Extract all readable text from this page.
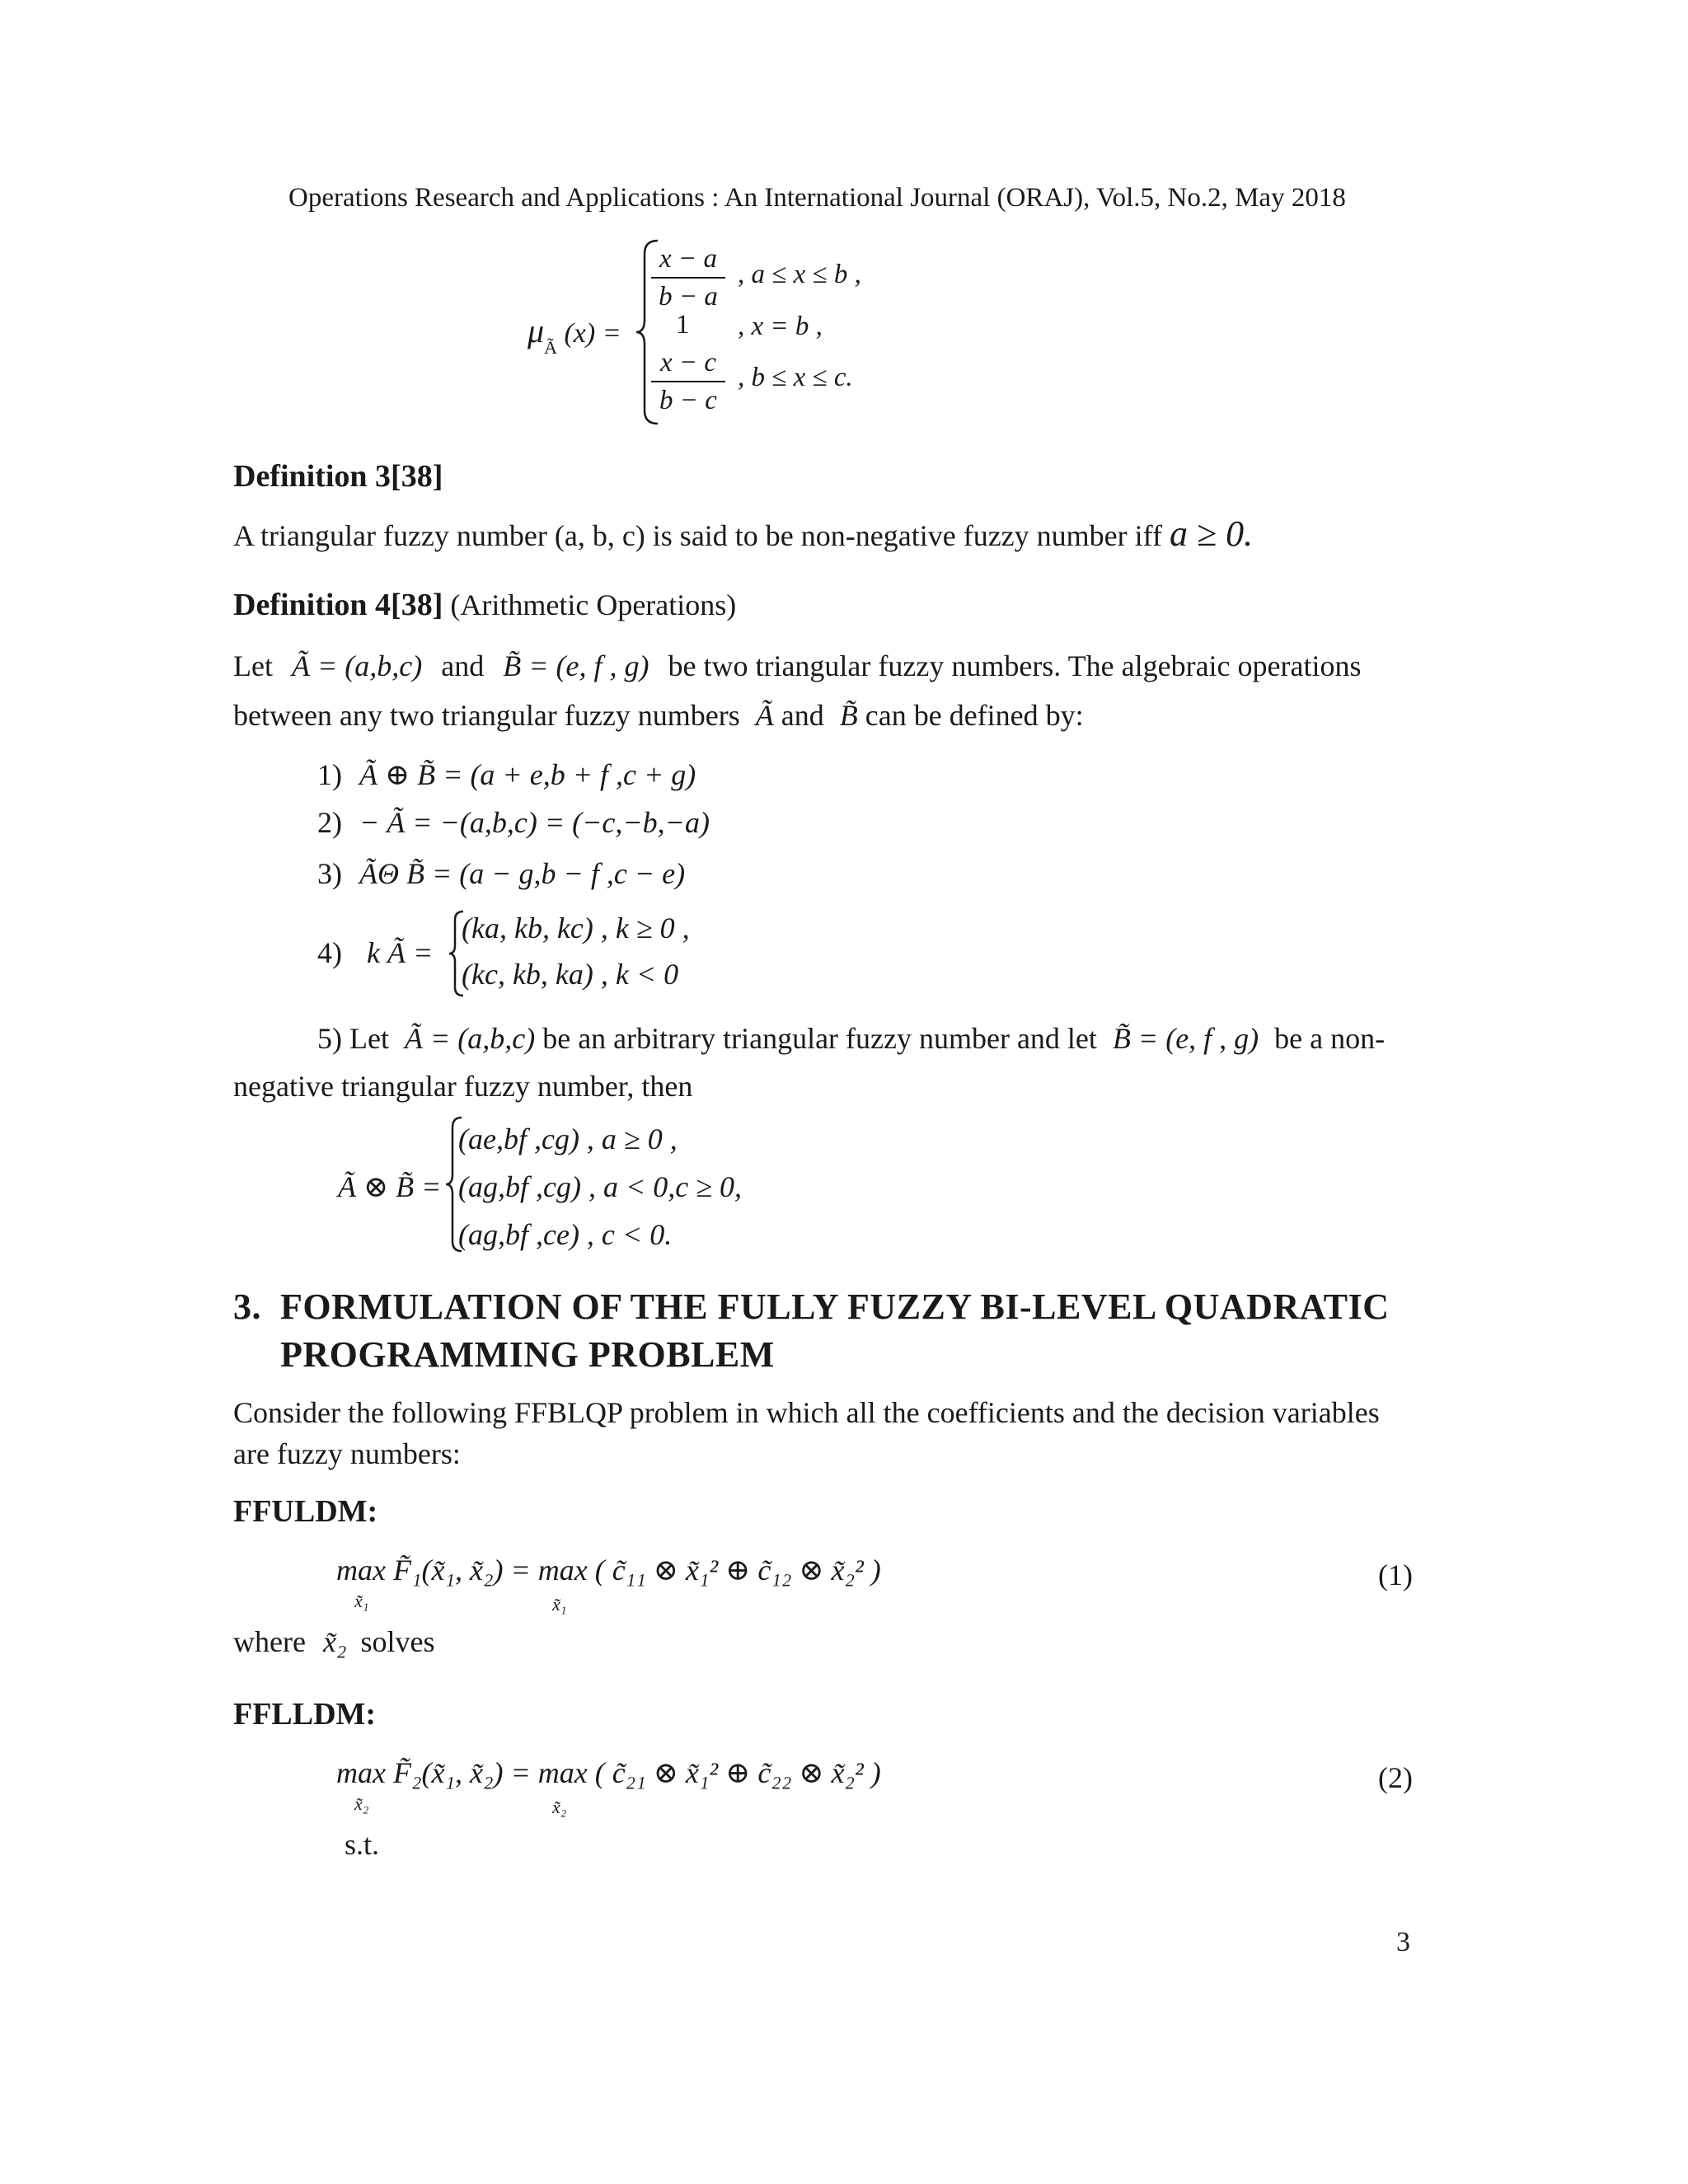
Operations Research and Applications : An International Journal (ORAJ), Vol.5, No.2, May 2018
$\mu_Ã$ (x) =
$\frac{x - a}{b - a}$ , a ≤ x ≤ b ,
1 , x = b ,
$\frac{x - c}{b - c}$ , b ≤ x ≤ c.
Definition 3[38]
A triangular fuzzy number (a, b, c) is said to be non-negative fuzzy number iff a ≥ 0.
Definition 4[38] (Arithmetic Operations)
Let Ã = (a,b,c) and B̃ = (e, f , g) be two triangular fuzzy numbers. The algebraic operations
between any two triangular fuzzy numbers Ã and B̃ can be defined by:
1) Ã ⊕ B̃ = (a + e,b + f ,c + g)
2) − Ã = −(a,b,c) = (−c,−b,−a)
3) ÃΘ B̃ = (a − g,b − f ,c − e)
4) k Ã =
(ka, kb, kc) , k ≥ 0 ,
(kc, kb, ka) , k < 0
5) Let Ã = (a,b,c) be an arbitrary triangular fuzzy number and let B̃ = (e, f , g) be a non-
negative triangular fuzzy number, then
Ã ⊗ B̃ =
(ae,bf ,cg) , a ≥ 0 ,
(ag,bf ,cg) , a < 0,c ≥ 0,
(ag,bf ,ce) , c < 0.
3. FORMULATION OF THE FULLY FUZZY BI-LEVEL QUADRATIC
PROGRAMMING PROBLEM
Consider the following FFBLQP problem in which all the coefficients and the decision variables
are fuzzy numbers:
FFULDM:
max F̃₁(x̃₁, x̃₂) = max ( c̃₁₁ ⊗ x̃₁² ⊕ c̃₁₂ ⊗ x̃₂² )
x̃₁	x̃₁
(1)
where x̃₂ solves
FFLLDM:
max F̃₂(x̃₁, x̃₂) = max ( c̃₂₁ ⊗ x̃₁² ⊕ c̃₂₂ ⊗ x̃₂² )
x̃₂	x̃₂
(2)
s.t.
3
